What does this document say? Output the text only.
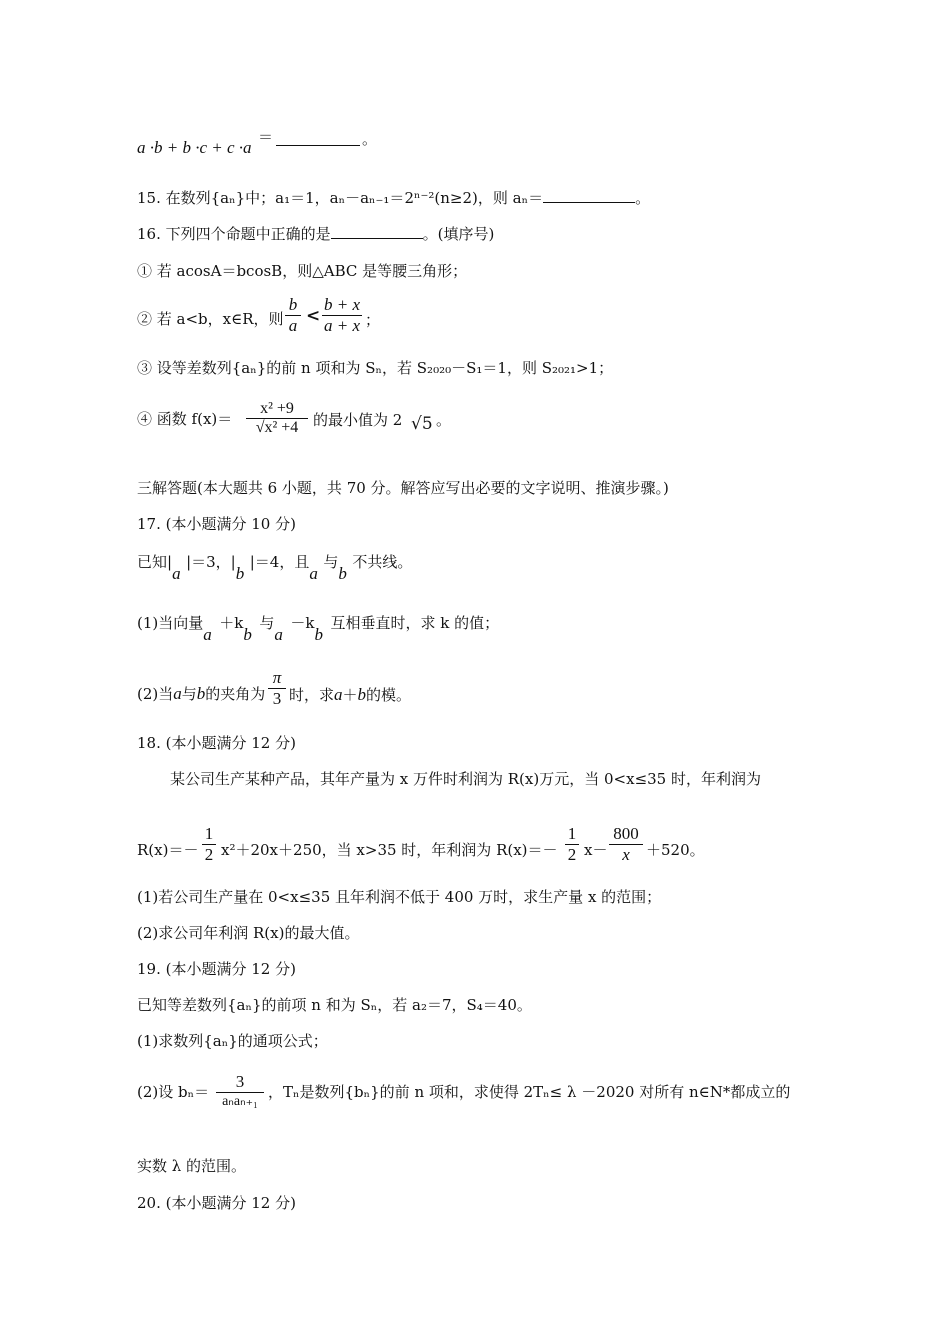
a ·b + b ·c + c ·a
＝	。
15. 在数列{aₙ}中；a₁＝1，aₙ－aₙ₋₁＝2ⁿ⁻²(n≥2)，则 aₙ＝	。
16. 下列四个命题中正确的是	。(填序号)
① 若 acosA＝bcosB，则△ABC 是等腰三角形；
② 若 a<b，x∈R，则
b
a <
b + x
a + x ；
③ 设等差数列{aₙ}的前 n 项和为 Sₙ，若 S₂₀₂₀－S₁＝1，则 S₂₀₂₁>1；
④ 函数 f(x)＝
x² +9
√x² +4 的最小值为 2 √5 。
三解答题(本大题共 6 小题，共 70 分。解答应写出必要的文字说明、推演步骤。)
17. (本小题满分 10 分)
已知|a|＝3，|b|＝4，且a与b不共线。
(1)当向量a＋kb与a－kb互相垂直时，求 k 的值；
(2)当a与b的夹角为
π
3 时，求a＋b的模。
18. (本小题满分 12 分)
某公司生产某种产品，其年产量为 x 万件时利润为 R(x)万元，当 0<x≤35 时，年利润为
R(x)＝－
1
2 x²＋20x＋250，当 x>35 时，年利润为 R(x)＝－
1
2 x－
800
x	＋520。
(1)若公司生产量在 0<x≤35 且年利润不低于 400 万时，求生产量 x 的范围；
(2)求公司年利润 R(x)的最大值。
19. (本小题满分 12 分)
已知等差数列{aₙ}的前项 n 和为 Sₙ，若 a₂＝7，S₄＝40。
(1)求数列{aₙ}的通项公式；
(2)设 bₙ＝
3
aₙaₙ₊₁
，Tₙ是数列{bₙ}的前 n 项和，求使得 2Tₙ≤ λ －2020 对所有 n∈N*都成立的
实数 λ 的范围。
20. (本小题满分 12 分)
